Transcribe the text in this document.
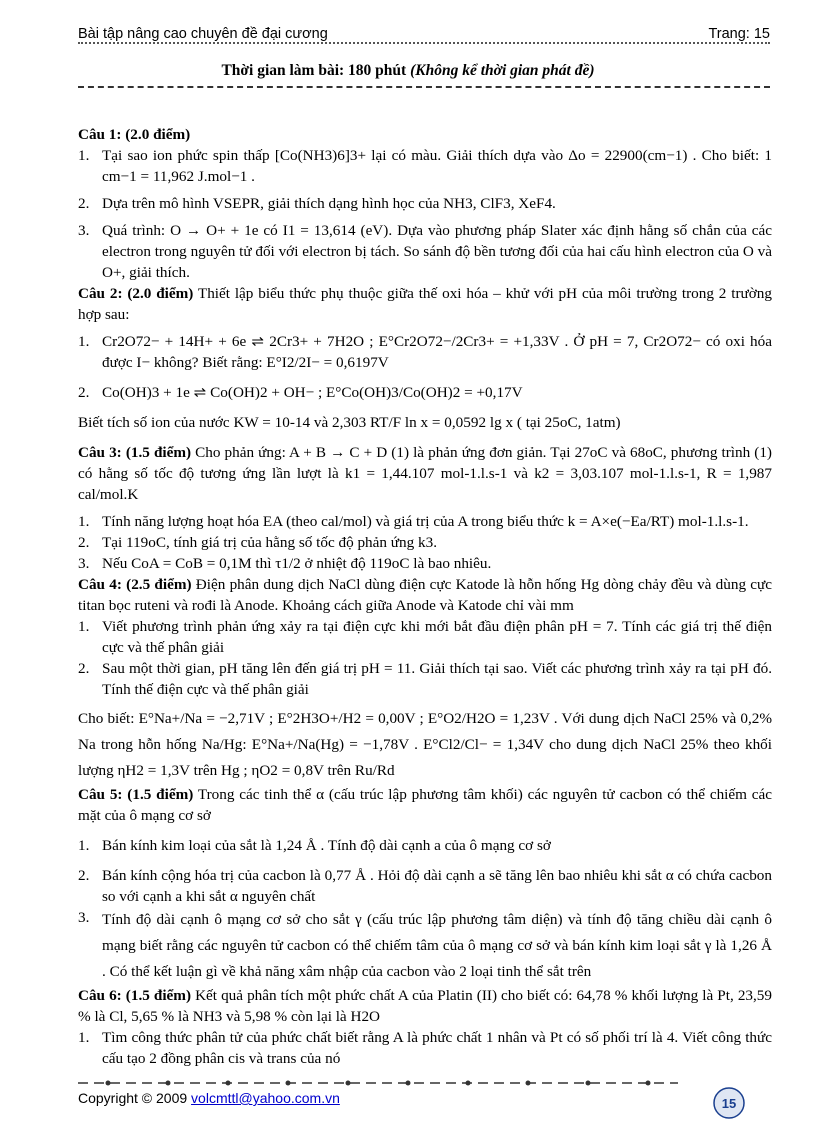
Bài tập nâng cao chuyên đề đại cương	Trang: 15
Thời gian làm bài: 180 phút (Không kể thời gian phát đề)

Câu 1: (2.0 điểm)

1. Tại sao ion phức spin thấp [Co(NH3)6]3+ lại có màu. Giải thích dựa vào Δo = 22900(cm−1) . Cho biết: 1 cm−1 = 11,962 J.mol−1 .
2. Dựa trên mô hình VSEPR, giải thích dạng hình học của NH3, ClF3, XeF4.
3. Quá trình: O → O+ + 1e có I1 = 13,614 (eV). Dựa vào phương pháp Slater xác định hằng số chắn của các electron trong nguyên tử đối với electron bị tách. So sánh độ bền tương đối của hai cấu hình electron của O và O+, giải thích.

Câu 2: (2.0 điểm) Thiết lập biểu thức phụ thuộc giữa thế oxi hóa – khử với pH của môi trường trong 2 trường hợp sau:

1. Cr2O72− + 14H+ + 6e ⇌ 2Cr3+ + 7H2O ; E°Cr2O72−/2Cr3+ = +1,33V . Ở pH = 7, Cr2O72− có oxi hóa được I− không? Biết rằng: E°I2/2I− = 0,6197V
2. Co(OH)3 + 1e ⇌ Co(OH)2 + OH− ; E°Co(OH)3/Co(OH)2 = +0,17V

Biết tích số ion của nước KW = 10-14 và 2,303 RT/F ln x = 0,0592 lg x ( tại 25oC, 1atm)

Câu 3: (1.5 điểm) Cho phản ứng: A + B → C + D (1) là phản ứng đơn giản. Tại 27oC và 68oC, phương trình (1) có hằng số tốc độ tương ứng lần lượt là k1 = 1,44.107 mol-1.l.s-1 và k2 = 3,03.107 mol-1.l.s-1, R = 1,987 cal/mol.K

1. Tính năng lượng hoạt hóa EA (theo cal/mol) và giá trị của A trong biểu thức k = A×e(−Ea/RT) mol-1.l.s-1.
2. Tại 119oC, tính giá trị của hằng số tốc độ phản ứng k3.
3. Nếu CoA = CoB = 0,1M thì τ1/2 ở nhiệt độ 119oC là bao nhiêu.

Câu 4: (2.5 điểm) Điện phân dung dịch NaCl dùng điện cực Katode là hỗn hống Hg dòng chảy đều và dùng cực titan bọc ruteni và rođi là Anode. Khoảng cách giữa Anode và Katode chỉ vài mm

1. Viết phương trình phản ứng xảy ra tại điện cực khi mới bắt đầu điện phân pH = 7. Tính các giá trị thế điện cực và thế phân giải
2. Sau một thời gian, pH tăng lên đến giá trị pH = 11. Giải thích tại sao. Viết các phương trình xảy ra tại pH đó. Tính thế điện cực và thế phân giải

Cho biết: E°Na+/Na = −2,71V ; E°2H3O+/H2 = 0,00V ; E°O2/H2O = 1,23V . Với dung dịch NaCl 25% và 0,2% Na trong hỗn hống Na/Hg: E°Na+/Na(Hg) = −1,78V . E°Cl2/Cl− = 1,34V cho dung dịch NaCl 25% theo khối lượng ηH2 = 1,3V trên Hg ; ηO2 = 0,8V trên Ru/Rd

Câu 5: (1.5 điểm) Trong các tinh thể α (cấu trúc lập phương tâm khối) các nguyên tử cacbon có thể chiếm các mặt của ô mạng cơ sở

1. Bán kính kim loại của sắt là 1,24 Å . Tính độ dài cạnh a của ô mạng cơ sở
2. Bán kính cộng hóa trị của cacbon là 0,77 Å . Hỏi độ dài cạnh a sẽ tăng lên bao nhiêu khi sắt α có chứa cacbon so với cạnh a khi sắt α nguyên chất
3. Tính độ dài cạnh ô mạng cơ sở cho sắt γ (cấu trúc lập phương tâm diện) và tính độ tăng chiều dài cạnh ô mạng biết rằng các nguyên tử cacbon có thể chiếm tâm của ô mạng cơ sở và bán kính kim loại sắt γ là 1,26 Å . Có thể kết luận gì về khả năng xâm nhập của cacbon vào 2 loại tinh thể sắt trên

Câu 6: (1.5 điểm) Kết quả phân tích một phức chất A của Platin (II) cho biết có: 64,78 % khối lượng là Pt, 23,59 % là Cl, 5,65 % là NH3 và 5,98 % còn lại là H2O

1. Tìm công thức phân tử của phức chất biết rằng A là phức chất 1 nhân và Pt có số phối trí là 4. Viết công thức cấu tạo 2 đồng phân cis và trans của nó
Copyright © 2009 volcmttl@yahoo.com.vn	15
